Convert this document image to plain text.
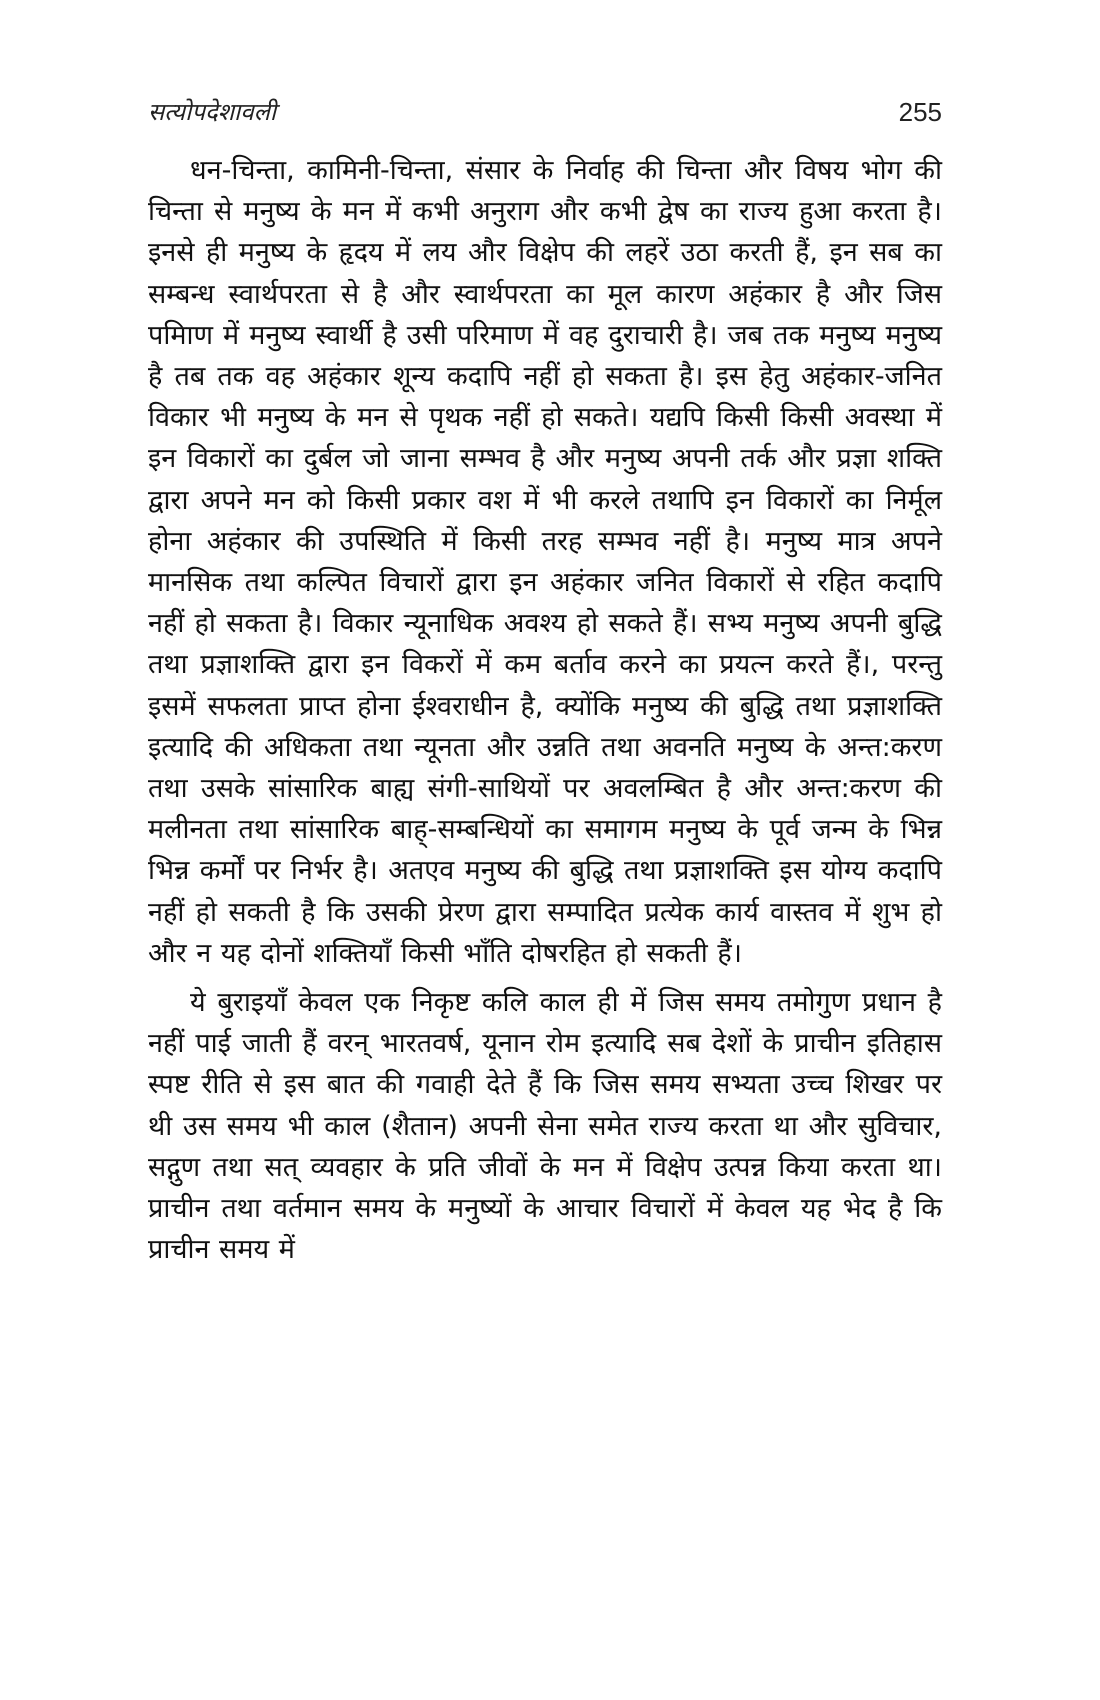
सत्योपदेशावली	255

धन-चिन्ता, कामिनी-चिन्ता, संसार के निर्वाह की चिन्ता और विषय भोग की चिन्ता से मनुष्य के मन में कभी अनुराग और कभी द्वेष का राज्य हुआ करता है। इनसे ही मनुष्य के हृदय में लय और विक्षेप की लहरें उठा करती हैं, इन सब का सम्बन्ध स्वार्थपरता से है और स्वार्थपरता का मूल कारण अहंकार है और जिस पमिाण में मनुष्य स्वार्थी है उसी परिमाण में वह दुराचारी है। जब तक मनुष्य मनुष्य है तब तक वह अहंकार शून्य कदापि नहीं हो सकता है। इस हेतु अहंकार-जनित विकार भी मनुष्य के मन से पृथक नहीं हो सकते। यद्यपि किसी किसी अवस्था में इन विकारों का दुर्बल जो जाना सम्भव है और मनुष्य अपनी तर्क और प्रज्ञा शक्ति द्वारा अपने मन को किसी प्रकार वश में भी करले तथापि इन विकारों का निर्मूल होना अहंकार की उपस्थिति में किसी तरह सम्भव नहीं है। मनुष्य मात्र अपने मानसिक तथा कल्पित विचारों द्वारा इन अहंकार जनित विकारों से रहित कदापि नहीं हो सकता है। विकार न्यूनाधिक अवश्य हो सकते हैं। सभ्य मनुष्य अपनी बुद्धि तथा प्रज्ञाशक्ति द्वारा इन विकरों में कम बर्ताव करने का प्रयत्न करते हैं।, परन्तु इसमें सफलता प्राप्त होना ईश्वराधीन है, क्योंकि मनुष्य की बुद्धि तथा प्रज्ञाशक्ति इत्यादि की अधिकता तथा न्यूनता और उन्नति तथा अवनति मनुष्य के अन्त:करण तथा उसके सांसारिक बाह्य संगी-साथियों पर अवलम्बित है और अन्त:करण की मलीनता तथा सांसारिक बाह्-सम्बन्धियों का समागम मनुष्य के पूर्व जन्म के भिन्न भिन्न कर्मों पर निर्भर है। अतएव मनुष्य की बुद्धि तथा प्रज्ञाशक्ति इस योग्य कदापि नहीं हो सकती है कि उसकी प्रेरण द्वारा सम्पादित प्रत्येक कार्य वास्तव में शुभ हो और न यह दोनों शक्तियाँ किसी भाँति दोषरहित हो सकती हैं।

ये बुराइयाँ केवल एक निकृष्ट कलि काल ही में जिस समय तमोगुण प्रधान है नहीं पाई जाती हैं वरन् भारतवर्ष, यूनान रोम इत्यादि सब देशों के प्राचीन इतिहास स्पष्ट रीति से इस बात की गवाही देते हैं कि जिस समय सभ्यता उच्च शिखर पर थी उस समय भी काल (शैतान) अपनी सेना समेत राज्य करता था और सुविचार, सद्गुण तथा सत् व्यवहार के प्रति जीवों के मन में विक्षेप उत्पन्न किया करता था। प्राचीन तथा वर्तमान समय के मनुष्यों के आचार विचारों में केवल यह भेद है कि प्राचीन समय में
